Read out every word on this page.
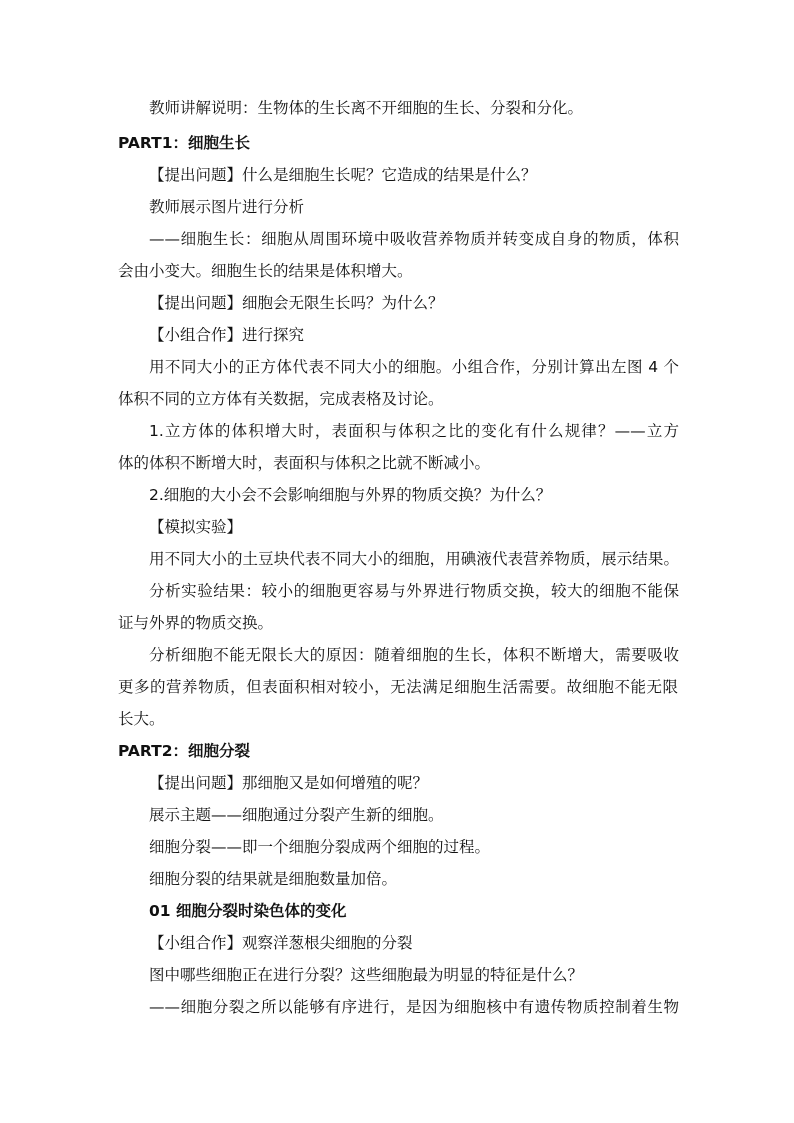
教师讲解说明：生物体的生长离不开细胞的生长、分裂和分化。
PART1：细胞生长
【提出问题】什么是细胞生长呢？它造成的结果是什么？
教师展示图片进行分析
——细胞生长：细胞从周围环境中吸收营养物质并转变成自身的物质，体积
会由小变大。细胞生长的结果是体积增大。
【提出问题】细胞会无限生长吗？为什么？
【小组合作】进行探究
用不同大小的正方体代表不同大小的细胞。小组合作，分别计算出左图 4 个
体积不同的立方体有关数据，完成表格及讨论。
1.立方体的体积增大时，表面积与体积之比的变化有什么规律？——立方
体的体积不断增大时，表面积与体积之比就不断减小。
2.细胞的大小会不会影响细胞与外界的物质交换？为什么？
【模拟实验】
用不同大小的土豆块代表不同大小的细胞，用碘液代表营养物质，展示结果。
分析实验结果：较小的细胞更容易与外界进行物质交换，较大的细胞不能保
证与外界的物质交换。
分析细胞不能无限长大的原因：随着细胞的生长，体积不断增大，需要吸收
更多的营养物质，但表面积相对较小，无法满足细胞生活需要。故细胞不能无限
长大。
PART2：细胞分裂
【提出问题】那细胞又是如何增殖的呢？
展示主题——细胞通过分裂产生新的细胞。
细胞分裂——即一个细胞分裂成两个细胞的过程。
细胞分裂的结果就是细胞数量加倍。
01 细胞分裂时染色体的变化
【小组合作】观察洋葱根尖细胞的分裂
图中哪些细胞正在进行分裂？这些细胞最为明显的特征是什么？
——细胞分裂之所以能够有序进行，是因为细胞核中有遗传物质控制着生物
